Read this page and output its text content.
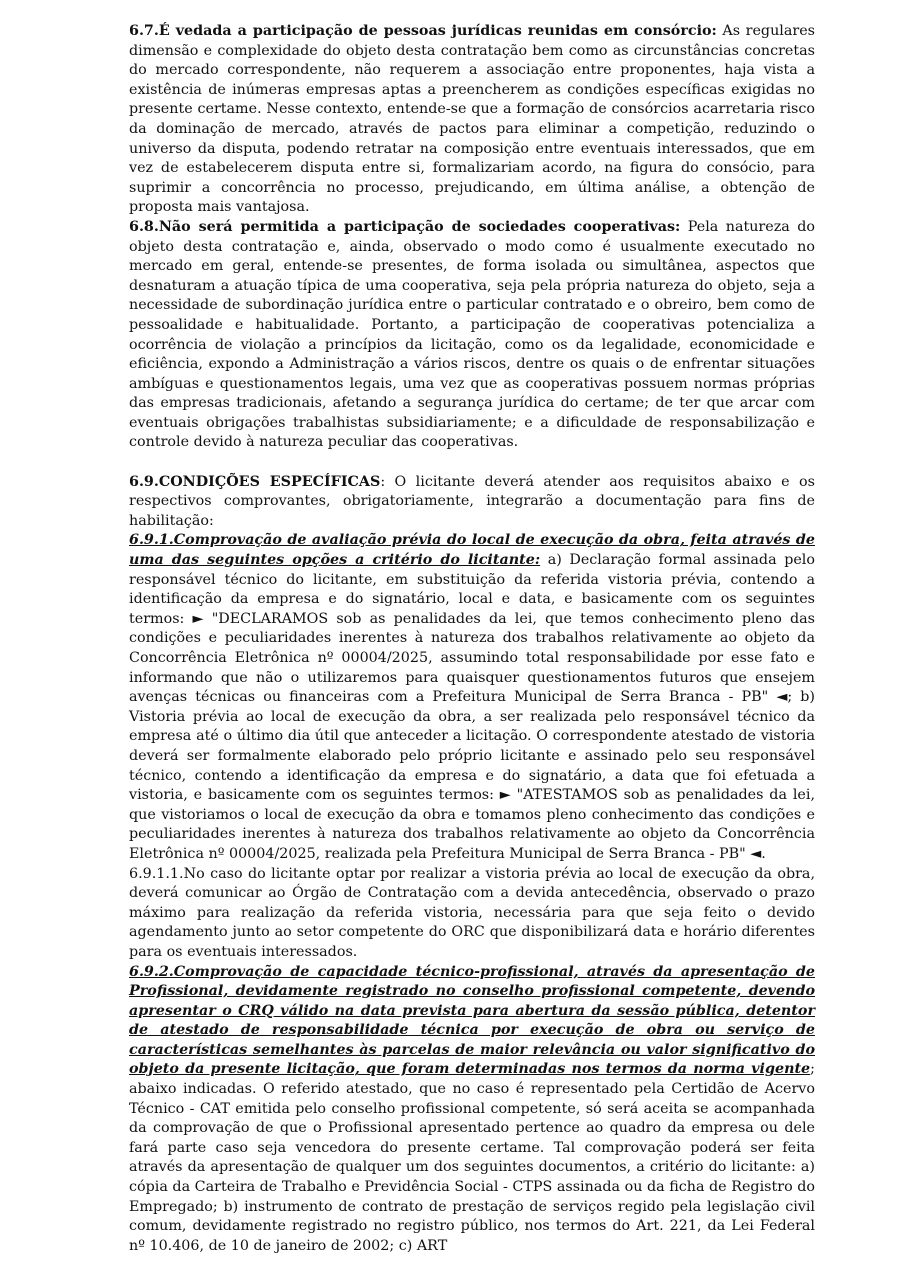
6.7.É vedada a participação de pessoas jurídicas reunidas em consórcio: As regulares dimensão e complexidade do objeto desta contratação bem como as circunstâncias concretas do mercado correspondente, não requerem a associação entre proponentes, haja vista a existência de inúmeras empresas aptas a preencherem as condições específicas exigidas no presente certame. Nesse contexto, entende-se que a formação de consórcios acarretaria risco da dominação de mercado, através de pactos para eliminar a competição, reduzindo o universo da disputa, podendo retratar na composição entre eventuais interessados, que em vez de estabelecerem disputa entre si, formalizariam acordo, na figura do consócio, para suprimir a concorrência no processo, prejudicando, em última análise, a obtenção de proposta mais vantajosa.

6.8.Não será permitida a participação de sociedades cooperativas: Pela natureza do objeto desta contratação e, ainda, observado o modo como é usualmente executado no mercado em geral, entende-se presentes, de forma isolada ou simultânea, aspectos que desnaturam a atuação típica de uma cooperativa, seja pela própria natureza do objeto, seja a necessidade de subordinação jurídica entre o particular contratado e o obreiro, bem como de pessoalidade e habitualidade. Portanto, a participação de cooperativas potencializa a ocorrência de violação a princípios da licitação, como os da legalidade, economicidade e eficiência, expondo a Administração a vários riscos, dentre os quais o de enfrentar situações ambíguas e questionamentos legais, uma vez que as cooperativas possuem normas próprias das empresas tradicionais, afetando a segurança jurídica do certame; de ter que arcar com eventuais obrigações trabalhistas subsidiariamente; e a dificuldade de responsabilização e controle devido à natureza peculiar das cooperativas.

6.9.CONDIÇÕES ESPECÍFICAS: O licitante deverá atender aos requisitos abaixo e os respectivos comprovantes, obrigatoriamente, integrarão a documentação para fins de habilitação:

6.9.1.Comprovação de avaliação prévia do local de execução da obra, feita através de uma das seguintes opções a critério do licitante: a) Declaração formal assinada pelo responsável técnico do licitante, em substituição da referida vistoria prévia, contendo a identificação da empresa e do signatário, local e data, e basicamente com os seguintes termos: ► "DECLARAMOS sob as penalidades da lei, que temos conhecimento pleno das condições e peculiaridades inerentes à natureza dos trabalhos relativamente ao objeto da Concorrência Eletrônica nº 00004/2025, assumindo total responsabilidade por esse fato e informando que não o utilizaremos para quaisquer questionamentos futuros que ensejem avenças técnicas ou financeiras com a Prefeitura Municipal de Serra Branca - PB" ◄; b) Vistoria prévia ao local de execução da obra, a ser realizada pelo responsável técnico da empresa até o último dia útil que anteceder a licitação. O correspondente atestado de vistoria deverá ser formalmente elaborado pelo próprio licitante e assinado pelo seu responsável técnico, contendo a identificação da empresa e do signatário, a data que foi efetuada a vistoria, e basicamente com os seguintes termos: ► "ATESTAMOS sob as penalidades da lei, que vistoriamos o local de execução da obra e tomamos pleno conhecimento das condições e peculiaridades inerentes à natureza dos trabalhos relativamente ao objeto da Concorrência Eletrônica nº 00004/2025, realizada pela Prefeitura Municipal de Serra Branca - PB" ◄.

6.9.1.1.No caso do licitante optar por realizar a vistoria prévia ao local de execução da obra, deverá comunicar ao Órgão de Contratação com a devida antecedência, observado o prazo máximo para realização da referida vistoria, necessária para que seja feito o devido agendamento junto ao setor competente do ORC que disponibilizará data e horário diferentes para os eventuais interessados.

6.9.2.Comprovação de capacidade técnico-profissional, através da apresentação de Profissional, devidamente registrado no conselho profissional competente, devendo apresentar o CRQ válido na data prevista para abertura da sessão pública, detentor de atestado de responsabilidade técnica por execução de obra ou serviço de características semelhantes às parcelas de maior relevância ou valor significativo do objeto da presente licitação, que foram determinadas nos termos da norma vigente; abaixo indicadas. O referido atestado, que no caso é representado pela Certidão de Acervo Técnico - CAT emitida pelo conselho profissional competente, só será aceita se acompanhada da comprovação de que o Profissional apresentado pertence ao quadro da empresa ou dele fará parte caso seja vencedora do presente certame. Tal comprovação poderá ser feita através da apresentação de qualquer um dos seguintes documentos, a critério do licitante: a) cópia da Carteira de Trabalho e Previdência Social - CTPS assinada ou da ficha de Registro do Empregado; b) instrumento de contrato de prestação de serviços regido pela legislação civil comum, devidamente registrado no registro público, nos termos do Art. 221, da Lei Federal nº 10.406, de 10 de janeiro de 2002; c) ART
